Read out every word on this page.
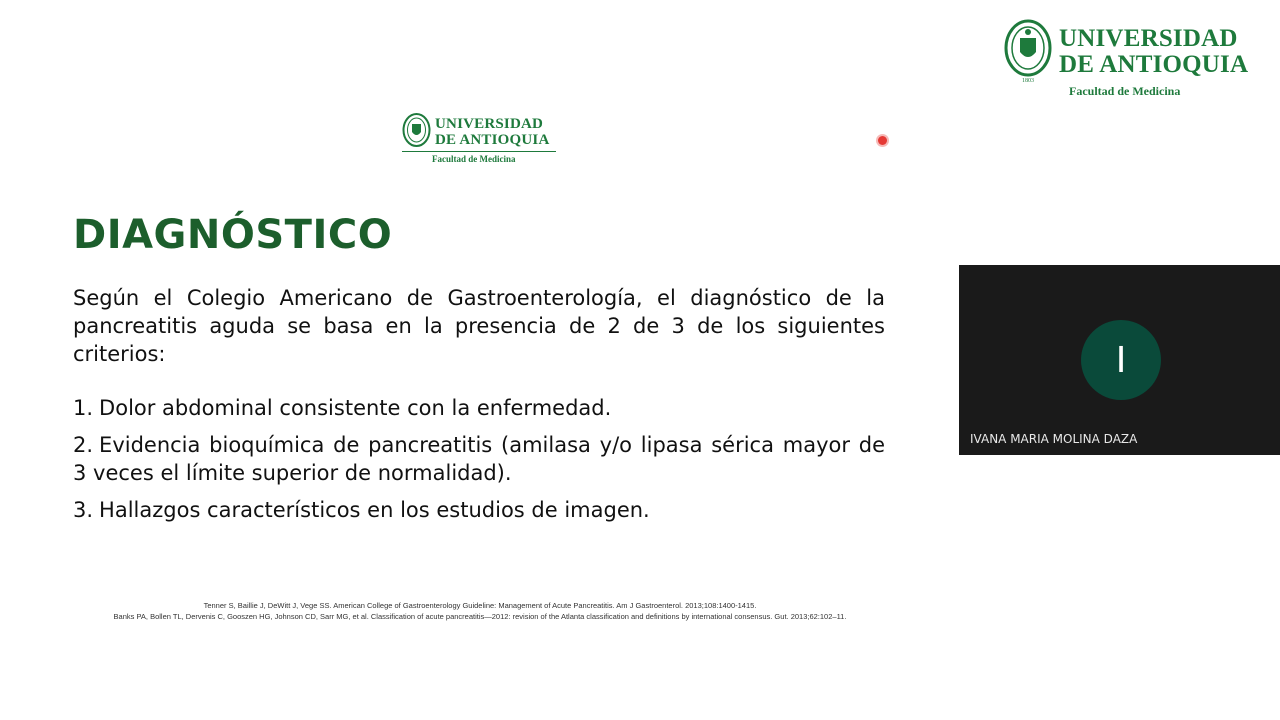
1803
UNIVERSIDAD
DE ANTIOQUIA
Facultad de Medicina
UNIVERSIDAD
DE ANTIOQUIA
Facultad de Medicina
DIAGNÓSTICO

Según el Colegio Americano de Gastroenterología, el diagnóstico de la pancreatitis aguda se basa en la presencia de 2 de 3 de los siguientes criterios:

1. Dolor abdominal consistente con la enfermedad.

2. Evidencia bioquímica de pancreatitis (amilasa y/o lipasa sérica mayor de 3 veces el límite superior de normalidad).

3. Hallazgos característicos en los estudios de imagen.

Tenner S, Baillie J, DeWitt J, Vege SS. American College of Gastroenterology Guideline: Management of Acute Pancreatitis. Am J Gastroenterol. 2013;108:1400-1415.
Banks PA, Bollen TL, Dervenis C, Gooszen HG, Johnson CD, Sarr MG, et al. Classification of acute pancreatitis—2012: revision of the Atlanta classification and definitions by international consensus. Gut. 2013;62:102–11.
I
IVANA MARIA MOLINA DAZA
